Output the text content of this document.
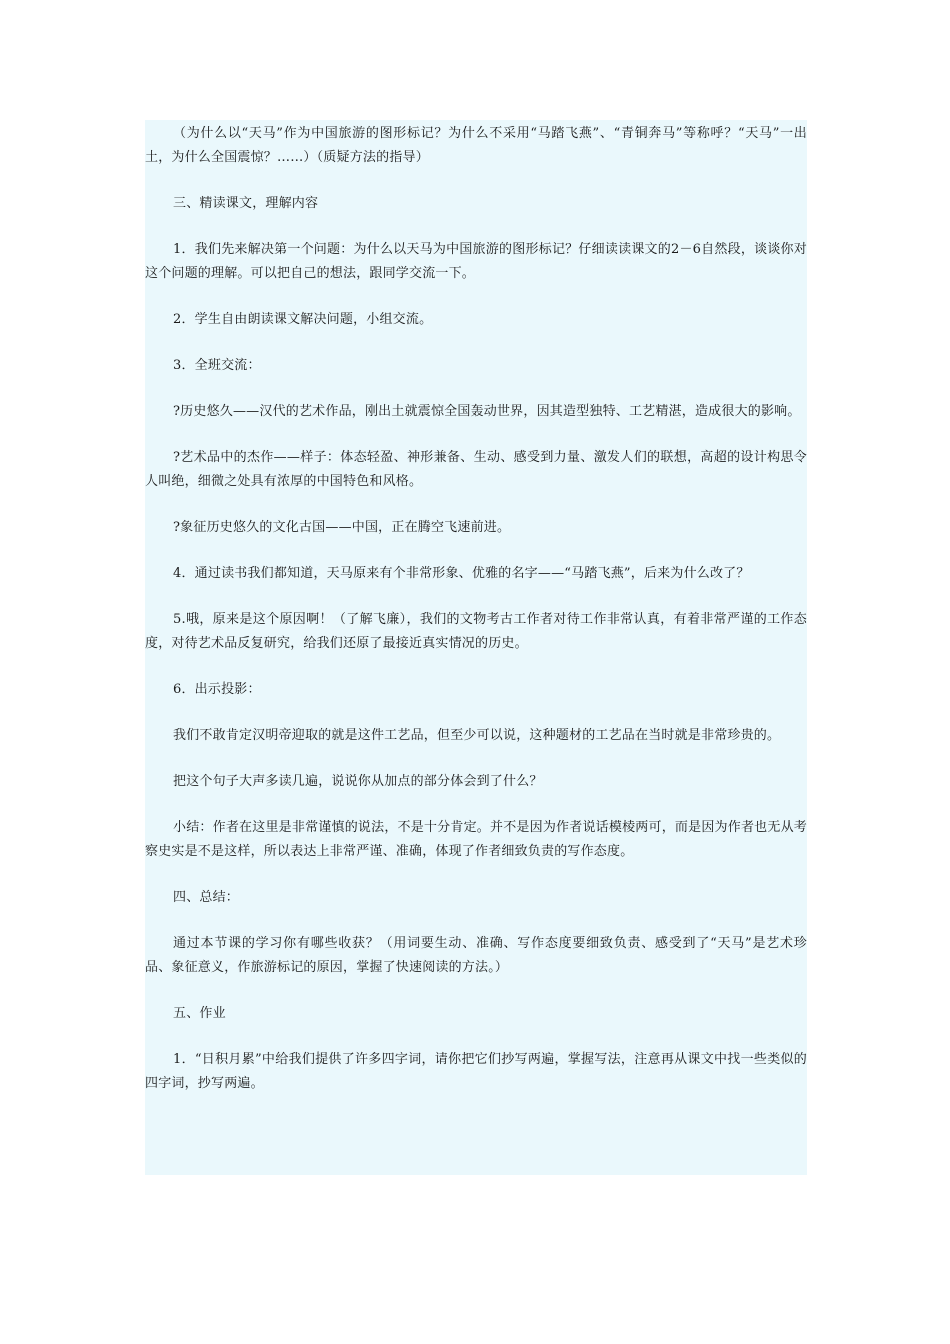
（为什么以“天马”作为中国旅游的图形标记？为什么不采用“马踏飞燕”、“青铜奔马”等称呼？“天马”一出土，为什么全国震惊？……）（质疑方法的指导）

三、精读课文，理解内容

1．我们先来解决第一个问题：为什么以天马为中国旅游的图形标记？仔细读读课文的2－6自然段，谈谈你对这个问题的理解。可以把自己的想法，跟同学交流一下。

2．学生自由朗读课文解决问题，小组交流。

3．全班交流：

?历史悠久——汉代的艺术作品，刚出土就震惊全国轰动世界，因其造型独特、工艺精湛，造成很大的影响。

?艺术品中的杰作——样子：体态轻盈、神形兼备、生动、感受到力量、激发人们的联想，高超的设计构思令人叫绝，细微之处具有浓厚的中国特色和风格。

?象征历史悠久的文化古国——中国，正在腾空飞速前进。

4．通过读书我们都知道，天马原来有个非常形象、优雅的名字——“马踏飞燕”，后来为什么改了？

5.哦，原来是这个原因啊！（了解飞廉），我们的文物考古工作者对待工作非常认真，有着非常严谨的工作态度，对待艺术品反复研究，给我们还原了最接近真实情况的历史。

6．出示投影：

我们不敢肯定汉明帝迎取的就是这件工艺品，但至少可以说，这种题材的工艺品在当时就是非常珍贵的。

把这个句子大声多读几遍，说说你从加点的部分体会到了什么？

小结：作者在这里是非常谨慎的说法，不是十分肯定。并不是因为作者说话模棱两可，而是因为作者也无从考察史实是不是这样，所以表达上非常严谨、准确，体现了作者细致负责的写作态度。

四、总结：

通过本节课的学习你有哪些收获？（用词要生动、准确、写作态度要细致负责、感受到了“天马”是艺术珍品、象征意义，作旅游标记的原因，掌握了快速阅读的方法。）

五、作业

1．“日积月累”中给我们提供了许多四字词，请你把它们抄写两遍，掌握写法，注意再从课文中找一些类似的四字词，抄写两遍。
